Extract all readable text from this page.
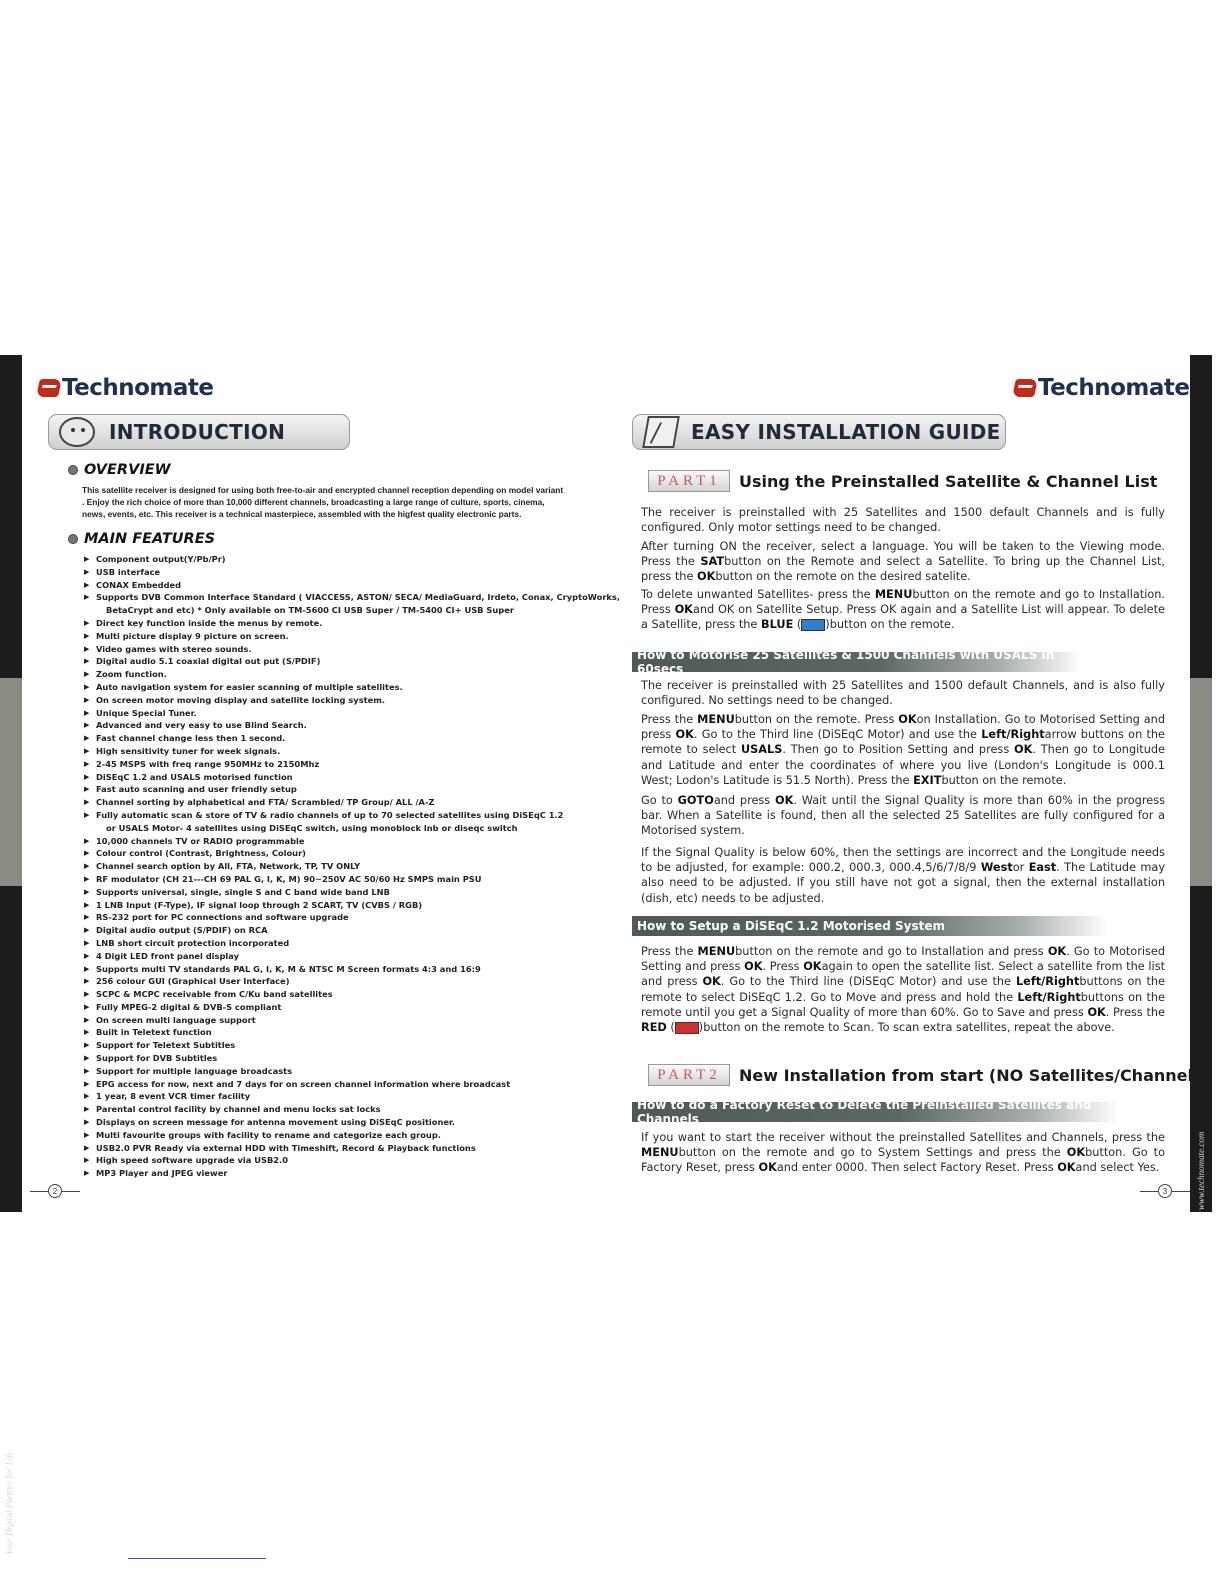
Your Digital Partner for Life
www.technomate.com
Technomate
INTRODUCTION
OVERVIEW
This satellite receiver is designed for using both free-to-air and encrypted channel reception depending on model variant . Enjoy the rich choice of more than 10,000 different channels, broadcasting a large range of culture, sports, cinema, news, events, etc. This receiver is a technical masterpiece, assembled with the higfest quality electronic parts.
MAIN FEATURES
▶ Component output(Y/Pb/Pr)
▶ USB interface
▶ CONAX Embedded
▶ Supports DVB Common Interface Standard ( VIACCESS, ASTON/ SECA/ MediaGuard, Irdeto, Conax, CryptoWorks,
BetaCrypt and etc) * Only available on TM-5600 CI USB Super / TM-5400 CI+ USB Super
▶ Direct key function inside the menus by remote.
▶ Multi picture display 9 picture on screen.
▶ Video games with stereo sounds.
▶ Digital audio 5.1 coaxial digital out put (S/PDIF)
▶ Zoom function.
▶ Auto navigation system for easier scanning of multiple satellites.
▶ On screen motor moving display and satellite locking system.
▶ Unique Special Tuner.
▶ Advanced and very easy to use Blind Search.
▶ Fast channel change less then 1 second.
▶ High sensitivity tuner for week signals.
▶ 2-45 MSPS with freq range 950MHz to 2150Mhz
▶ DiSEqC 1.2 and USALS motorised function
▶ Fast auto scanning and user friendly setup
▶ Channel sorting by alphabetical and FTA/ Scrambled/ TP Group/ ALL /A-Z
▶ Fully automatic scan & store of TV & radio channels of up to 70 selected satellites using DiSEqC 1.2
or USALS Motor- 4 satellites using DiSEqC switch, using monoblock lnb or diseqc switch
▶ 10,000 channels TV or RADIO programmable
▶ Colour control (Contrast, Brightness, Colour)
▶ Channel search option by All, FTA, Network, TP, TV ONLY
▶ RF modulator (CH 21---CH 69 PAL G, I, K, M) 90~250V AC 50/60 Hz SMPS main PSU
▶ Supports universal, single, single S and C band wide band LNB
▶ 1 LNB Input (F-Type), IF signal loop through 2 SCART, TV (CVBS / RGB)
▶ RS-232 port for PC connections and software upgrade
▶ Digital audio output (S/PDIF) on RCA
▶ LNB short circuit protection incorporated
▶ 4 Digit LED front panel display
▶ Supports multi TV standards PAL G, I, K, M & NTSC M Screen formats 4:3 and 16:9
▶ 256 colour GUI (Graphical User Interface)
▶ SCPC & MCPC receivable from C/Ku band satellites
▶ Fully MPEG-2 digital & DVB-S compliant
▶ On screen multi language support
▶ Built in Teletext function
▶ Support for Teletext Subtitles
▶ Support for DVB Subtitles
▶ Support for multiple language broadcasts
▶ EPG access for now, next and 7 days for on screen channel information where broadcast
▶ 1 year, 8 event VCR timer facility
▶ Parental control facility by channel and menu locks sat locks
▶ Displays on screen message for antenna movement using DiSEqC positioner.
▶ Multi favourite groups with facility to rename and categorize each group.
▶ USB2.0 PVR Ready via external HDD with Timeshift, Record & Playback functions
▶ High speed software upgrade via USB2.0
▶ MP3 Player and JPEG viewer
2
Technomate
EASY INSTALLATION GUIDE
PART1	Using the Preinstalled Satellite & Channel List

The receiver is preinstalled with 25 Satellites and 1500 default Channels and is fully configured. Only motor settings need to be changed.

After turning ON the receiver, select a language. You will be taken to the Viewing mode. Press the SATbutton on the Remote and select a Satellite. To bring up the Channel List, press the OKbutton on the remote on the desired satelite.

To delete unwanted Satellites- press the MENUbutton on the remote and go to Installation. Press OKand OK on Satellite Setup. Press OK again and a Satellite List will appear. To delete a Satellite, press the BLUE ( )button on the remote.

How to Motorise 25 Satellites & 1500 Channels with USALS in 60secs

The receiver is preinstalled with 25 Satellites and 1500 default Channels, and is also fully configured. No settings need to be changed.

Press the MENUbutton on the remote. Press OKon Installation. Go to Motorised Setting and press OK. Go to the Third line (DiSEqC Motor) and use the Left/Rightarrow buttons on the remote to select USALS. Then go to Position Setting and press OK. Then go to Longitude and Latitude and enter the coordinates of where you live (London's Longitude is 000.1 West; Lodon's Latitude is 51.5 North). Press the EXITbutton on the remote.

Go to GOTOand press OK. Wait until the Signal Quality is more than 60% in the progress bar. When a Satellite is found, then all the selected 25 Satellites are fully configured for a Motorised system.

If the Signal Quality is below 60%, then the settings are incorrect and the Longitude needs to be adjusted, for example: 000.2, 000.3, 000.4,5/6/7/8/9 Westor East. The Latitude may also need to be adjusted. If you still have not got a signal, then the external installation (dish, etc) needs to be adjusted.

How to Setup a DiSEqC 1.2 Motorised System

Press the MENUbutton on the remote and go to Installation and press OK. Go to Motorised Setting and press OK. Press OKagain to open the satellite list. Select a satellite from the list and press OK. Go to the Third line (DiSEqC Motor) and use the Left/Rightbuttons on the remote to select DiSEqC 1.2. Go to Move and press and hold the Left/Rightbuttons on the remote until you get a Signal Quality of more than 60%. Go to Save and press OK. Press the RED ( )button on the remote to Scan. To scan extra satellites, repeat the above.

PART2	New Installation from start (NO Satellites/Channels)
How to do a Factory Reset to Delete the Preinstalled Satellites and Channels

If you want to start the receiver without the preinstalled Satellites and Channels, press the MENUbutton on the remote and go to System Settings and press the OKbutton. Go to Factory Reset, press OKand enter 0000. Then select Factory Reset. Press OKand select Yes.

3
